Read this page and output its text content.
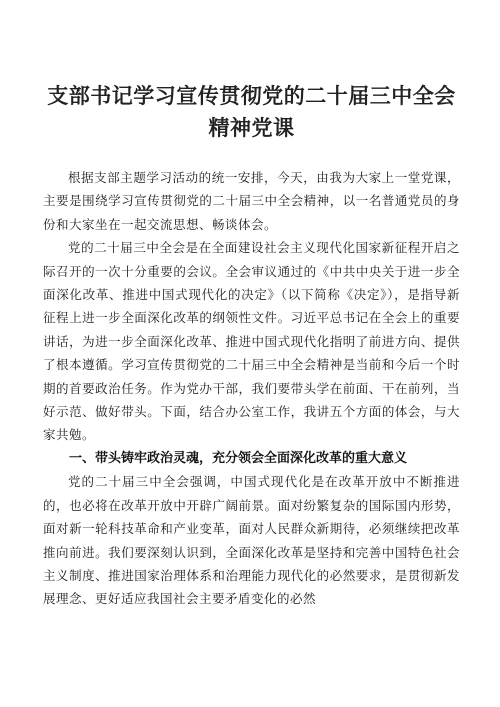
支部书记学习宣传贯彻党的二十届三中全会精神党课

根据支部主题学习活动的统一安排，今天，由我为大家上一堂党课，主要是围绕学习宣传贯彻党的二十届三中全会精神，以一名普通党员的身份和大家坐在一起交流思想、畅谈体会。

党的二十届三中全会是在全面建设社会主义现代化国家新征程开启之际召开的一次十分重要的会议。全会审议通过的《中共中央关于进一步全面深化改革、推进中国式现代化的决定》（以下简称《决定》），是指导新征程上进一步全面深化改革的纲领性文件。习近平总书记在全会上的重要讲话，为进一步全面深化改革、推进中国式现代化指明了前进方向、提供了根本遵循。学习宣传贯彻党的二十届三中全会精神是当前和今后一个时期的首要政治任务。作为党办干部，我们要带头学在前面、干在前列，当好示范、做好带头。下面，结合办公室工作，我讲五个方面的体会，与大家共勉。

一、带头铸牢政治灵魂，充分领会全面深化改革的重大意义

党的二十届三中全会强调，中国式现代化是在改革开放中不断推进的，也必将在改革开放中开辟广阔前景。面对纷繁复杂的国际国内形势，面对新一轮科技革命和产业变革，面对人民群众新期待，必须继续把改革推向前进。我们要深刻认识到，全面深化改革是坚持和完善中国特色社会主义制度、推进国家治理体系和治理能力现代化的必然要求，是贯彻新发展理念、更好适应我国社会主要矛盾变化的必然
